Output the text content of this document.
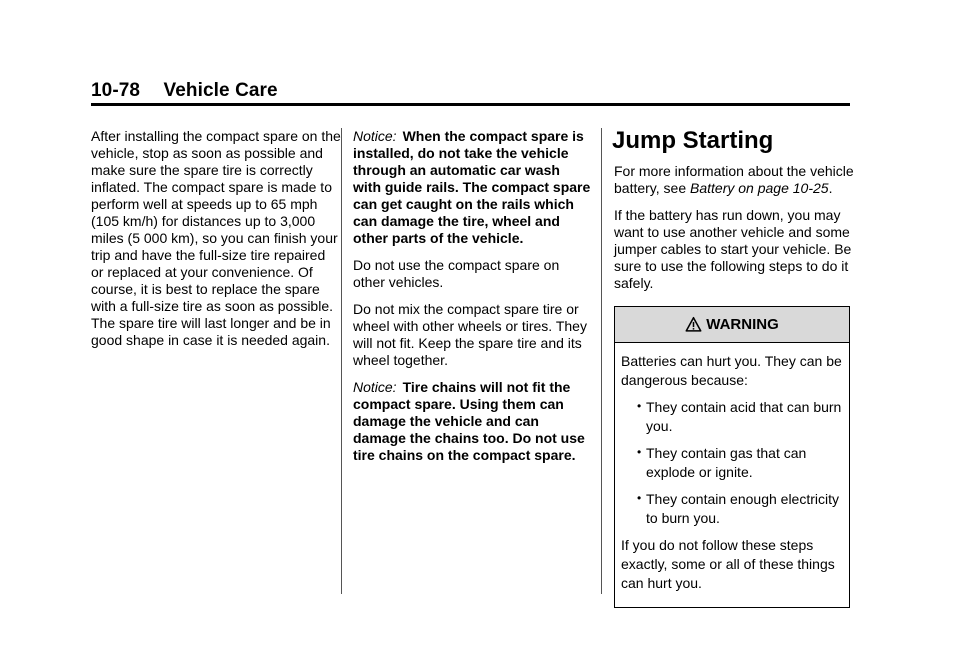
10-78 Vehicle Care

After installing the compact spare on the vehicle, stop as soon as possible and make sure the spare tire is correctly inflated. The compact spare is made to perform well at speeds up to 65 mph (105 km/h) for distances up to 3,000 miles (5 000 km), so you can finish your trip and have the full-size tire repaired or replaced at your convenience. Of course, it is best to replace the spare with a full-size tire as soon as possible. The spare tire will last longer and be in good shape in case it is needed again.

Notice: When the compact spare is installed, do not take the vehicle through an automatic car wash with guide rails. The compact spare can get caught on the rails which can damage the tire, wheel and other parts of the vehicle.

Do not use the compact spare on other vehicles.

Do not mix the compact spare tire or wheel with other wheels or tires. They will not fit. Keep the spare tire and its wheel together.

Notice: Tire chains will not fit the compact spare. Using them can damage the vehicle and can damage the chains too. Do not use tire chains on the compact spare.

Jump Starting

For more information about the vehicle battery, see Battery on page 10-25.

If the battery has run down, you may want to use another vehicle and some jumper cables to start your vehicle. Be sure to use the following steps to do it safely.

WARNING

Batteries can hurt you. They can be dangerous because:

• They contain acid that can burn you.
• They contain gas that can explode or ignite.
• They contain enough electricity to burn you.

If you do not follow these steps exactly, some or all of these things can hurt you.
